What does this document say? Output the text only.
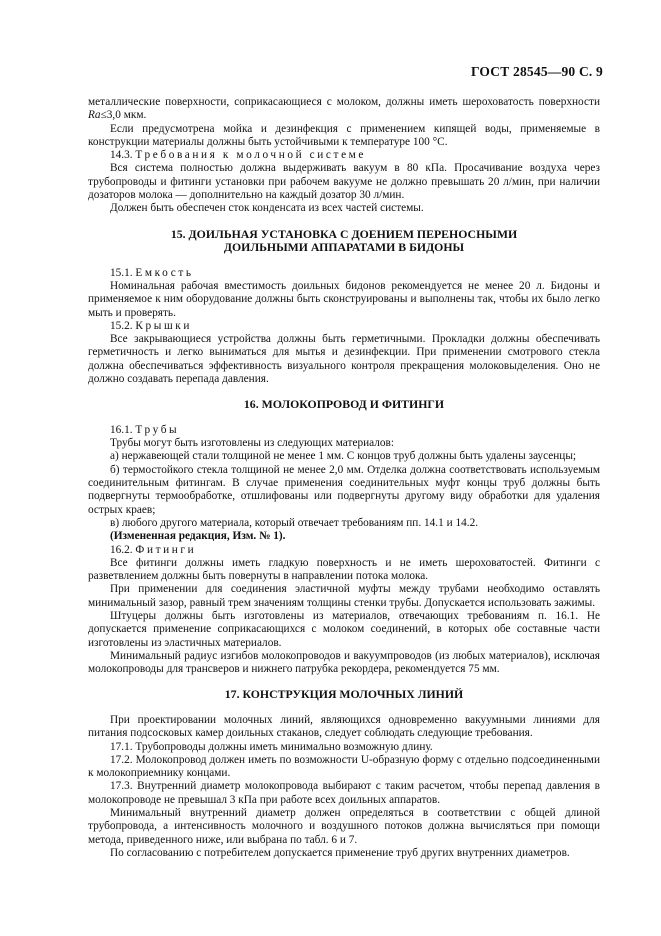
ГОСТ 28545—90 С. 9

металлические поверхности, соприкасающиеся с молоком, должны иметь шероховатость поверхности Ra≤3,0 мкм.

Если предусмотрена мойка и дезинфекция с применением кипящей воды, применяемые в конструкции материалы должны быть устойчивыми к температуре 100 °С.

14.3. Требования к молочной системе

Вся система полностью должна выдерживать вакуум в 80 кПа. Просачивание воздуха через трубопроводы и фитинги установки при рабочем вакууме не должно превышать 20 л/мин, при наличии дозаторов молока — дополнительно на каждый дозатор 30 л/мин.

Должен быть обеспечен сток конденсата из всех частей системы.

15. ДОИЛЬНАЯ УСТАНОВКА С ДОЕНИЕМ ПЕРЕНОСНЫМИ
ДОИЛЬНЫМИ АППАРАТАМИ В БИДОНЫ

15.1. Емкость

Номинальная рабочая вместимость доильных бидонов рекомендуется не менее 20 л. Бидоны и применяемое к ним оборудование должны быть сконструированы и выполнены так, чтобы их было легко мыть и проверять.

15.2. Крышки

Все закрывающиеся устройства должны быть герметичными. Прокладки должны обеспечивать герметичность и легко выниматься для мытья и дезинфекции. При применении смотрового стекла должна обеспечиваться эффективность визуального контроля прекращения молоковыделения. Оно не должно создавать перепада давления.

16. МОЛОКОПРОВОД И ФИТИНГИ

16.1. Трубы

Трубы могут быть изготовлены из следующих материалов:

а) нержавеющей стали толщиной не менее 1 мм. С концов труб должны быть удалены заусенцы;

б) термостойкого стекла толщиной не менее 2,0 мм. Отделка должна соответствовать используемым соединительным фитингам. В случае применения соединительных муфт концы труб должны быть подвергнуты термообработке, отшлифованы или подвергнуты другому виду обработки для удаления острых краев;

в) любого другого материала, который отвечает требованиям пп. 14.1 и 14.2.

(Измененная редакция, Изм. № 1).

16.2. Фитинги

Все фитинги должны иметь гладкую поверхность и не иметь шероховатостей. Фитинги с разветвлением должны быть повернуты в направлении потока молока.

При применении для соединения эластичной муфты между трубами необходимо оставлять минимальный зазор, равный трем значениям толщины стенки трубы. Допускается использовать зажимы.

Штуцеры должны быть изготовлены из материалов, отвечающих требованиям п. 16.1. Не допускается применение соприкасающихся с молоком соединений, в которых обе составные части изготовлены из эластичных материалов.

Минимальный радиус изгибов молокопроводов и вакуумпроводов (из любых материалов), исключая молокопроводы для трансверов и нижнего патрубка рекордера, рекомендуется 75 мм.

17. КОНСТРУКЦИЯ МОЛОЧНЫХ ЛИНИЙ

При проектировании молочных линий, являющихся одновременно вакуумными линиями для питания подсосковых камер доильных стаканов, следует соблюдать следующие требования.

17.1. Трубопроводы должны иметь минимально возможную длину.

17.2. Молокопровод должен иметь по возможности U-образную форму с отдельно подсоединенными к молокоприемнику концами.

17.3. Внутренний диаметр молокопровода выбирают с таким расчетом, чтобы перепад давления в молокопроводе не превышал 3 кПа при работе всех доильных аппаратов.

Минимальный внутренний диаметр должен определяться в соответствии с общей длиной трубопровода, а интенсивность молочного и воздушного потоков должна вычисляться при помощи метода, приведенного ниже, или выбрана по табл. 6 и 7.

По согласованию с потребителем допускается применение труб других внутренних диаметров.
